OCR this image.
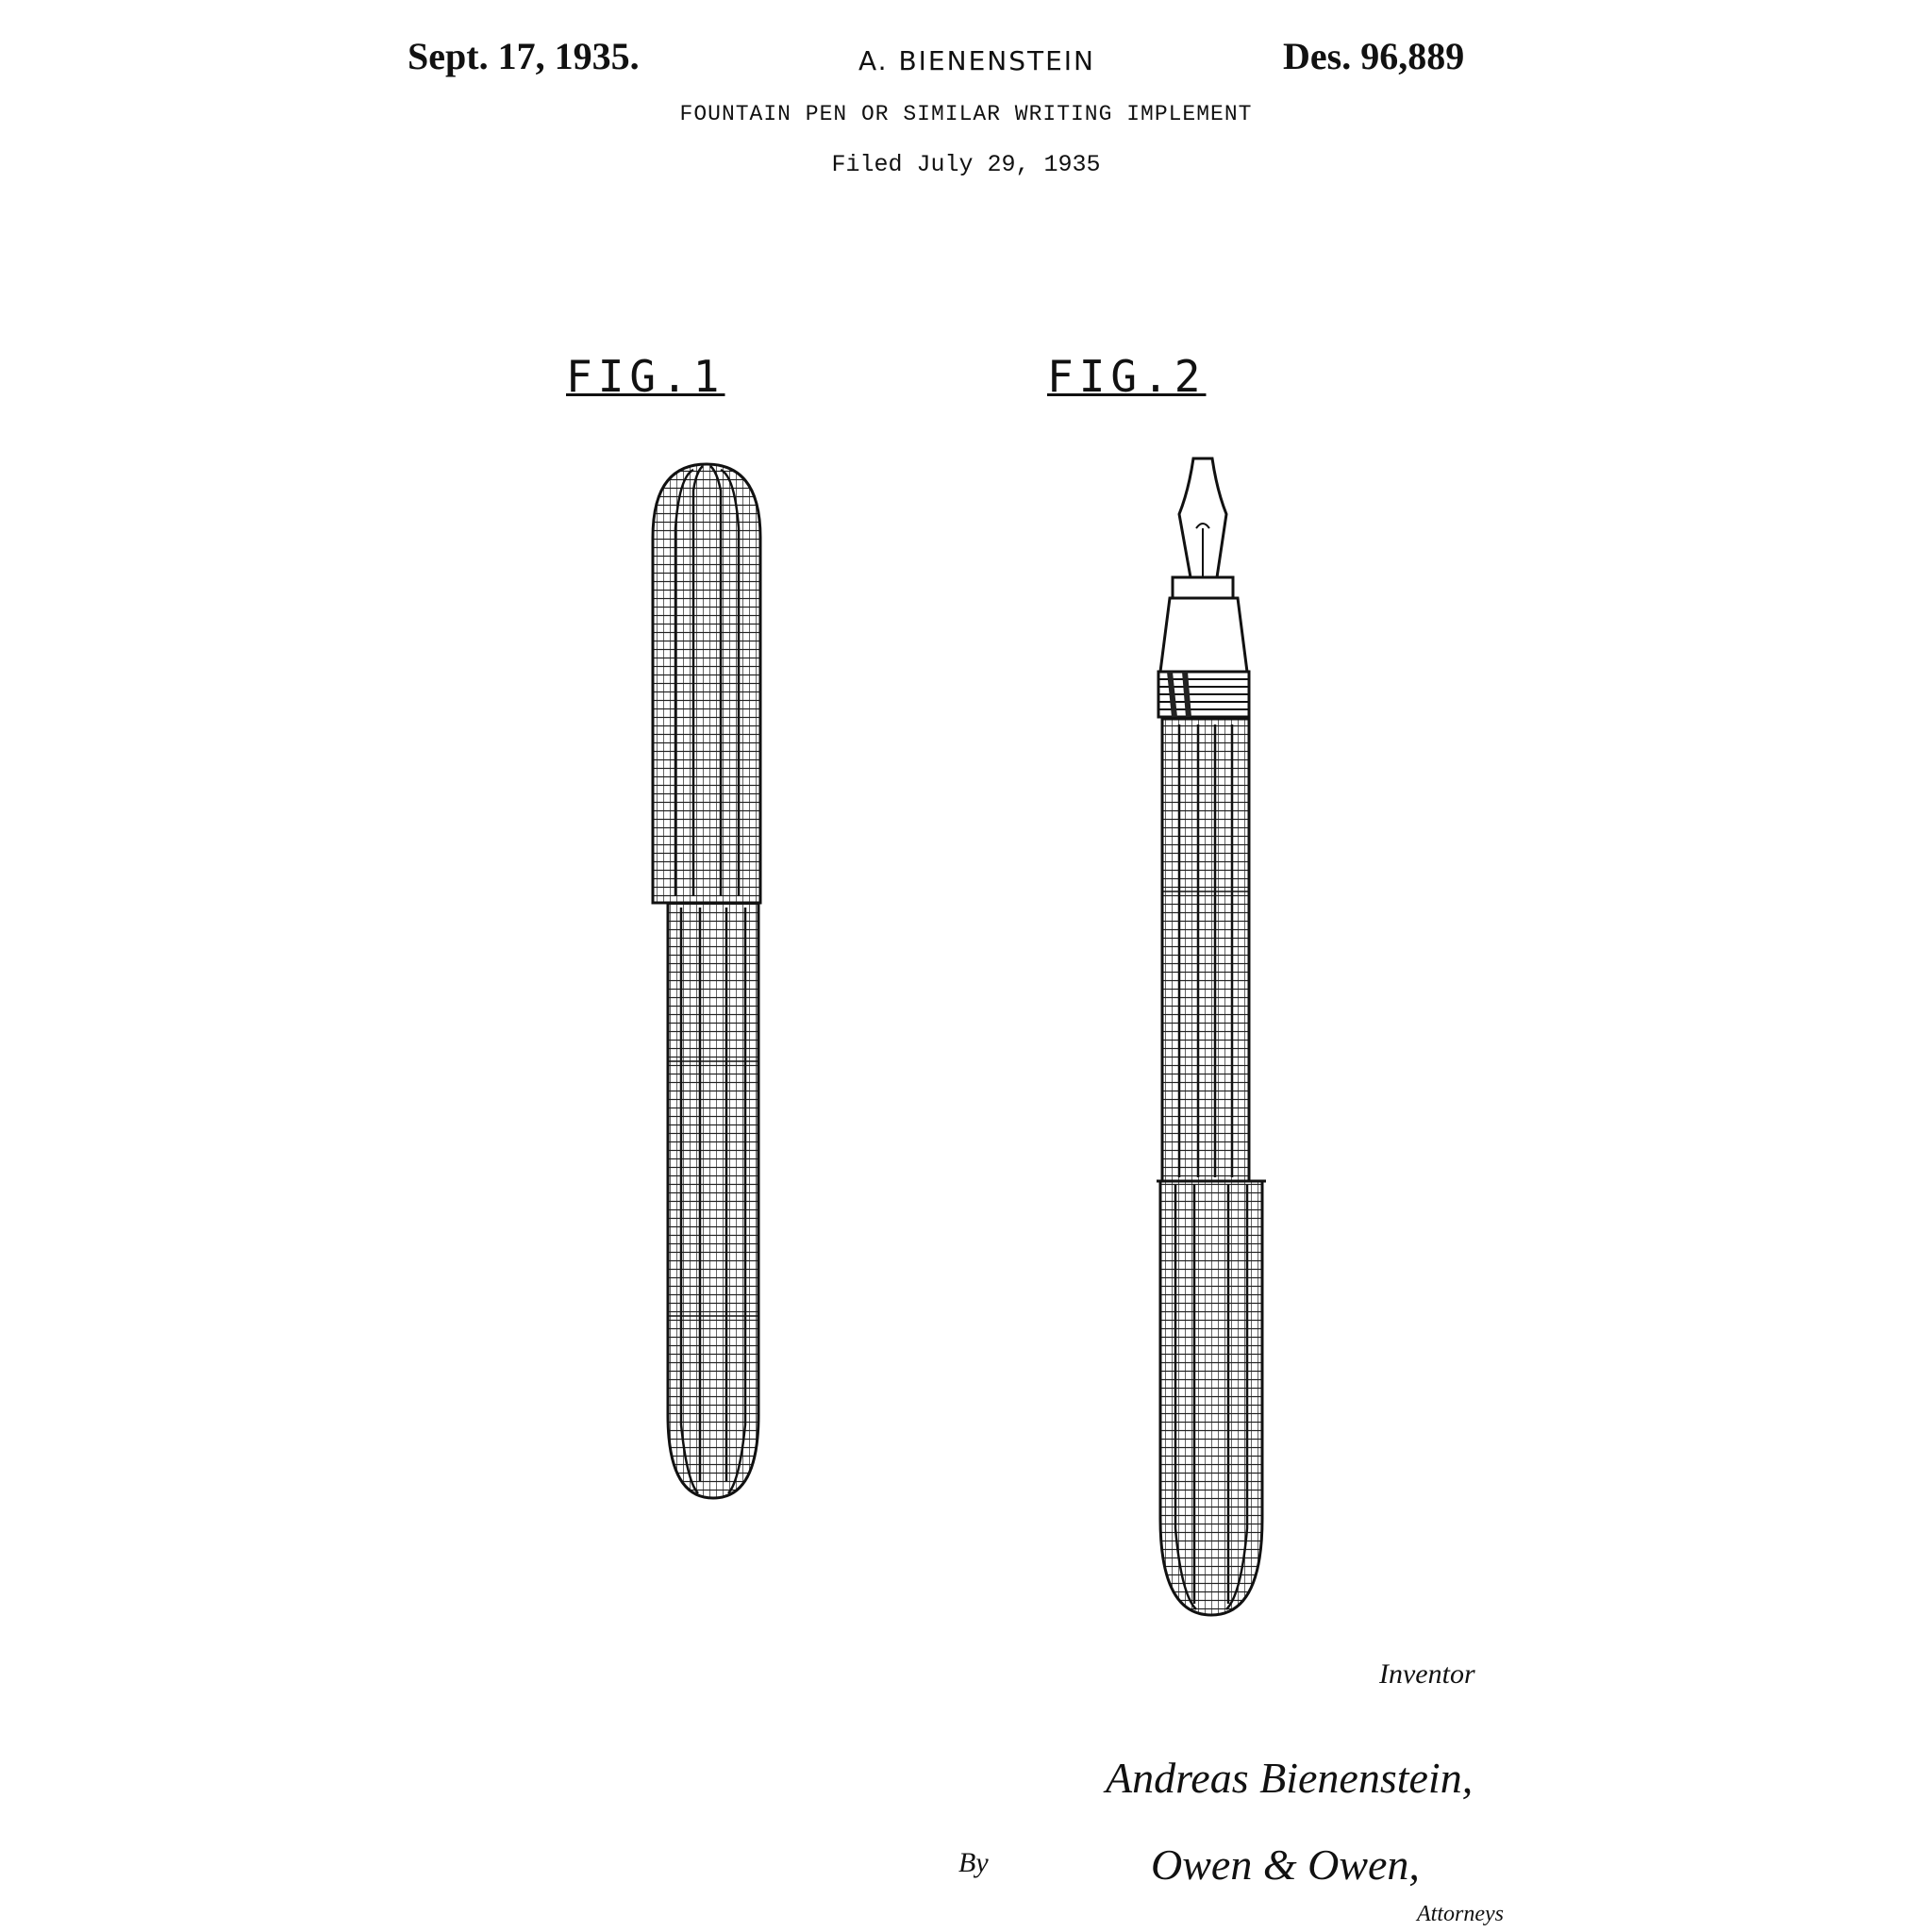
Sept. 17, 1935.	A. BIENENSTEIN	Des. 96,889
FOUNTAIN PEN OR SIMILAR WRITING IMPLEMENT
Filed July 29, 1935
FIG.1	FIG.2
Inventor
Andreas Bienenstein,
By	Owen & Owen,
Attorneys
